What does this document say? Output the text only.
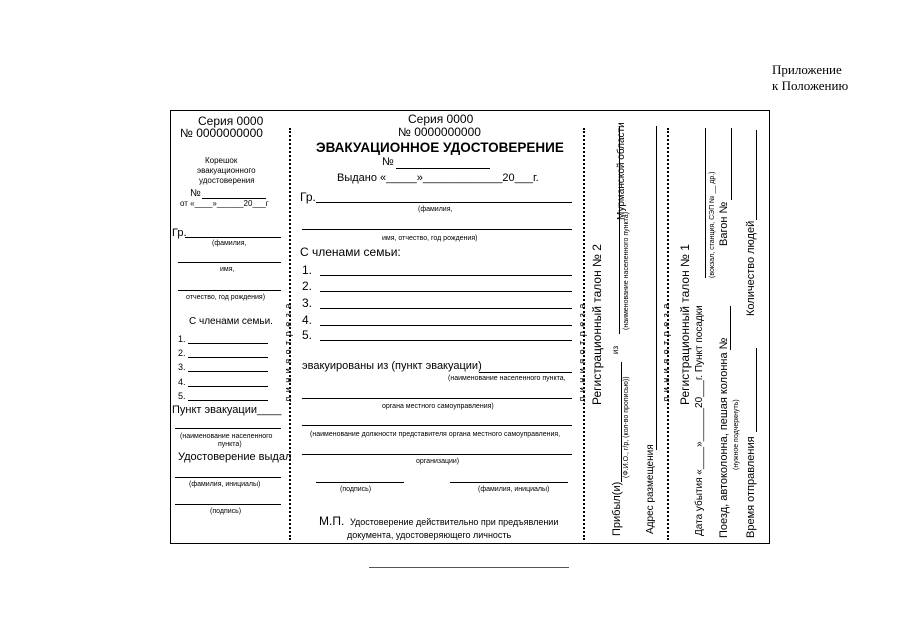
Приложение
к Положению
Серия 0000
№ 0000000000
Корешок
эвакуационного
удостоверения
№
от «____»______20___г
Гр.
(фамилия,
имя,
отчество, год рождения)
С членами семьи.
1.
2.
3.
4.
5.
Пункт эвакуации____
(наименование населенного
пункта)
Удостоверение выдал
(фамилия, инициалы)
(подпись)
л и н и я о т р е з а
Серия 0000
№ 0000000000
ЭВАКУАЦИОННОЕ УДОСТОВЕРЕНИЕ
№
Выдано «_____»_____________20___г.
Гр.
(фамилия,
имя, отчество, год рождения)
С членами семьи:
1.
2.
3.
4.
5.
эвакуированы из (пункт эвакуации)
(наименование населенного пункта,
органа местного самоуправления)
(наименование должности представителя органа местного самоуправления,
организации)
(подпись)	(фамилия, инициалы)
М.П. Удостоверение действительно при предъявлении
документа, удостоверяющего личность
л и н и я о т р е з а
Мурманской области
Регистрационный талон № 2 из
(наименование населенного пункта)
Прибыл(и)
(Ф.И.О., г/р, (кол-во прописью))
Адрес размещения
л и н и я о т р е з а Регистрационный талон № 1 Дата убытия «____»______20___г. Пункт посадки
(вокзал, станция, СЭП № __ др.)
Поезд, автоколонна, пешая колонна №
Вагон №
(нужное подчеркнуть)
Время отправления
Количество людей
